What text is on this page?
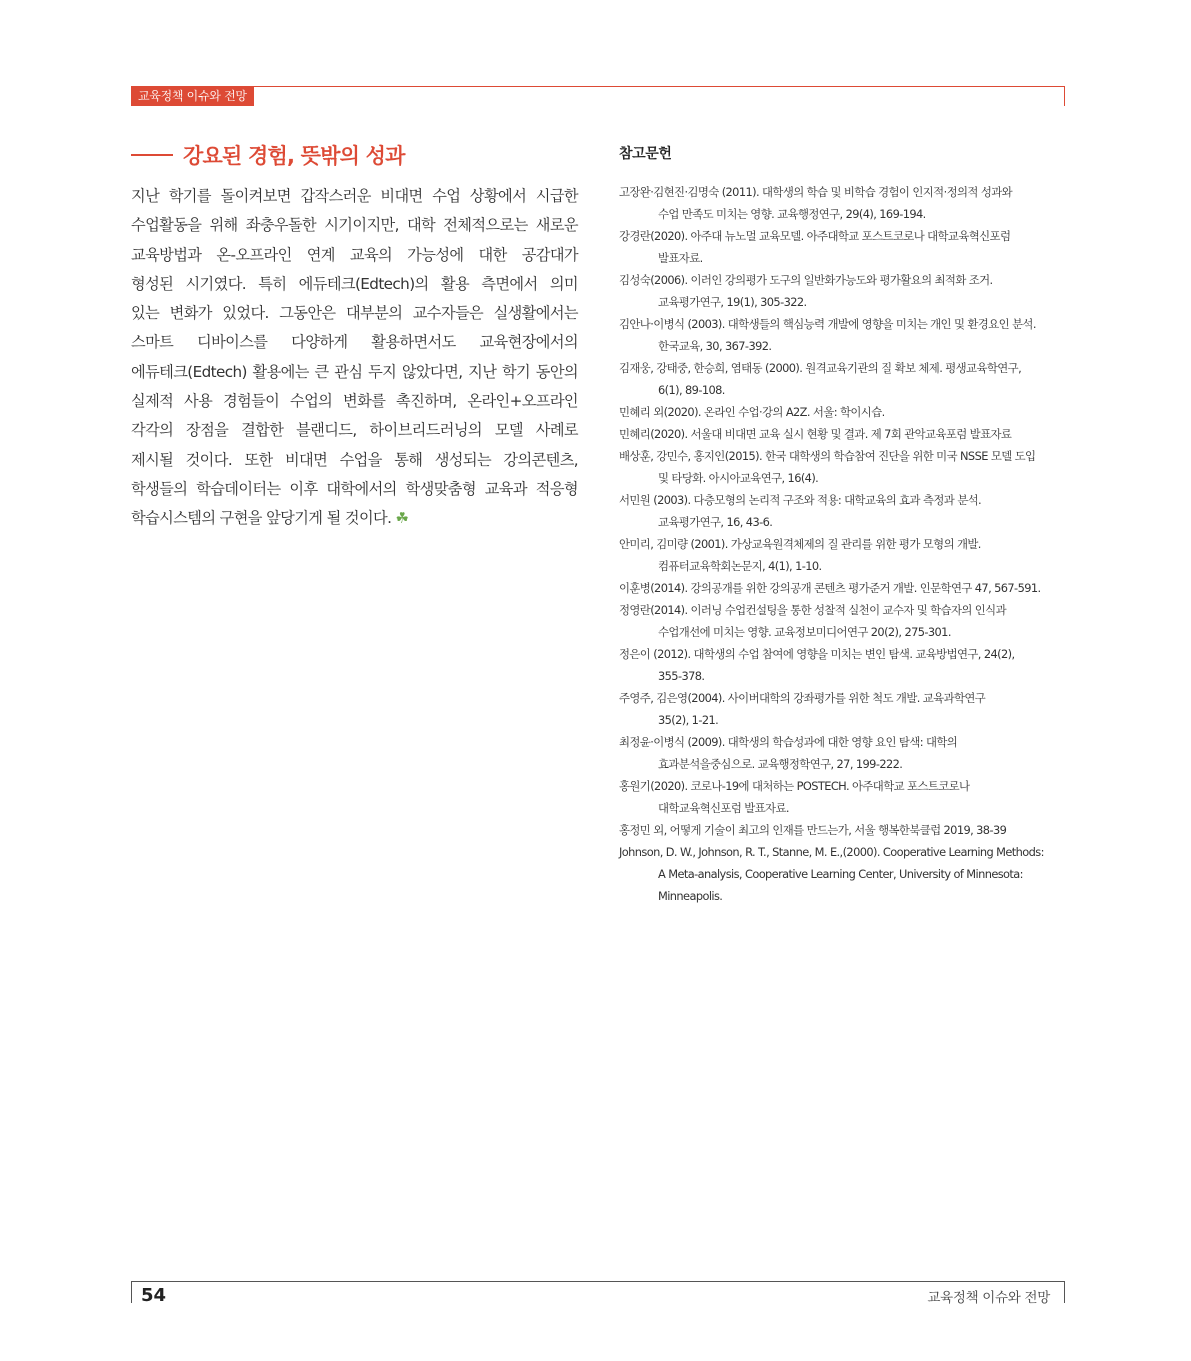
교육정책 이슈와 전망
강요된 경험, 뜻밖의 성과
지난 학기를 돌이켜보면 갑작스러운 비대면 수업 상황에서 시급한
수업활동을 위해 좌충우돌한 시기이지만, 대학 전체적으로는 새로운
교육방법과 온-오프라인 연계 교육의 가능성에 대한 공감대가
형성된 시기였다. 특히 에듀테크(Edtech)의 활용 측면에서 의미
있는 변화가 있었다. 그동안은 대부분의 교수자들은 실생활에서는
스마트 디바이스를 다양하게 활용하면서도 교육현장에서의
에듀테크(Edtech) 활용에는 큰 관심 두지 않았다면, 지난 학기 동안의
실제적 사용 경험들이 수업의 변화를 촉진하며, 온라인+오프라인
각각의 장점을 결합한 블랜디드, 하이브리드러닝의 모델 사례로
제시될 것이다. 또한 비대면 수업을 통해 생성되는 강의콘텐츠,
학생들의 학습데이터는 이후 대학에서의 학생맞춤형 교육과 적응형
학습시스템의 구현을 앞당기게 될 것이다. ☘
참고문헌
고장완·김현진·김명숙 (2011). 대학생의 학습 및 비학습 경험이 인지적·정의적 성과와
수업 만족도 미치는 영향. 교육행정연구, 29(4), 169-194.
강경란(2020). 아주대 뉴노멀 교육모델. 아주대학교 포스트코로나 대학교육혁신포럼
발표자료.
김성숙(2006). 이러인 강의평가 도구의 일반화가능도와 평가활요의 최적화 조거.
교육평가연구, 19(1), 305-322.
김안나·이병식 (2003). 대학생들의 핵심능력 개발에 영향을 미치는 개인 및 환경요인 분석.
한국교육, 30, 367-392.
김재웅, 강태중, 한승희, 염태동 (2000). 원격교육기관의 질 확보 체제. 평생교육학연구,
6(1), 89-108.
민혜리 외(2020). 온라인 수업·강의 A2Z. 서울: 학이시습.
민혜리(2020). 서울대 비대면 교육 실시 현황 및 결과. 제 7회 관악교육포럼 발표자료
배상훈, 강민수, 홍지인(2015). 한국 대학생의 학습참여 진단을 위한 미국 NSSE 모델 도입
및 타당화. 아시아교육연구, 16(4).
서민원 (2003). 다층모형의 논리적 구조와 적용: 대학교육의 효과 측정과 분석.
교육평가연구, 16, 43-6.
안미리, 김미량 (2001). 가상교육원격체제의 질 관리를 위한 평가 모형의 개발.
컴퓨터교육학회논문지, 4(1), 1-10.
이훈병(2014). 강의공개를 위한 강의공개 콘텐츠 평가준거 개발. 인문학연구 47, 567-591.
정영란(2014). 이러닝 수업컨설팅을 통한 성찰적 실천이 교수자 및 학습자의 인식과
수업개선에 미치는 영향. 교육정보미디어연구 20(2), 275-301.
정은이 (2012). 대학생의 수업 참여에 영향을 미치는 변인 탐색. 교육방법연구, 24(2),
355-378.
주영주, 김은영(2004). 사이버대학의 강좌평가를 위한 척도 개발. 교육과학연구
35(2), 1-21.
최정윤·이병식 (2009). 대학생의 학습성과에 대한 영향 요인 탐색: 대학의
효과분석을중심으로. 교육행정학연구, 27, 199-222.
홍원기(2020). 코로나-19에 대처하는 POSTECH. 아주대학교 포스트코로나
대학교육혁신포럼 발표자료.
홍정민 외, 어떻게 기술이 최고의 인재를 만드는가, 서울 행복한북클럽 2019, 38-39
Johnson, D. W., Johnson, R. T., Stanne, M. E.,(2000). Cooperative Learning Methods:
A Meta-analysis, Cooperative Learning Center, University of Minnesota:
Minneapolis.
54	교육정책 이슈와 전망
